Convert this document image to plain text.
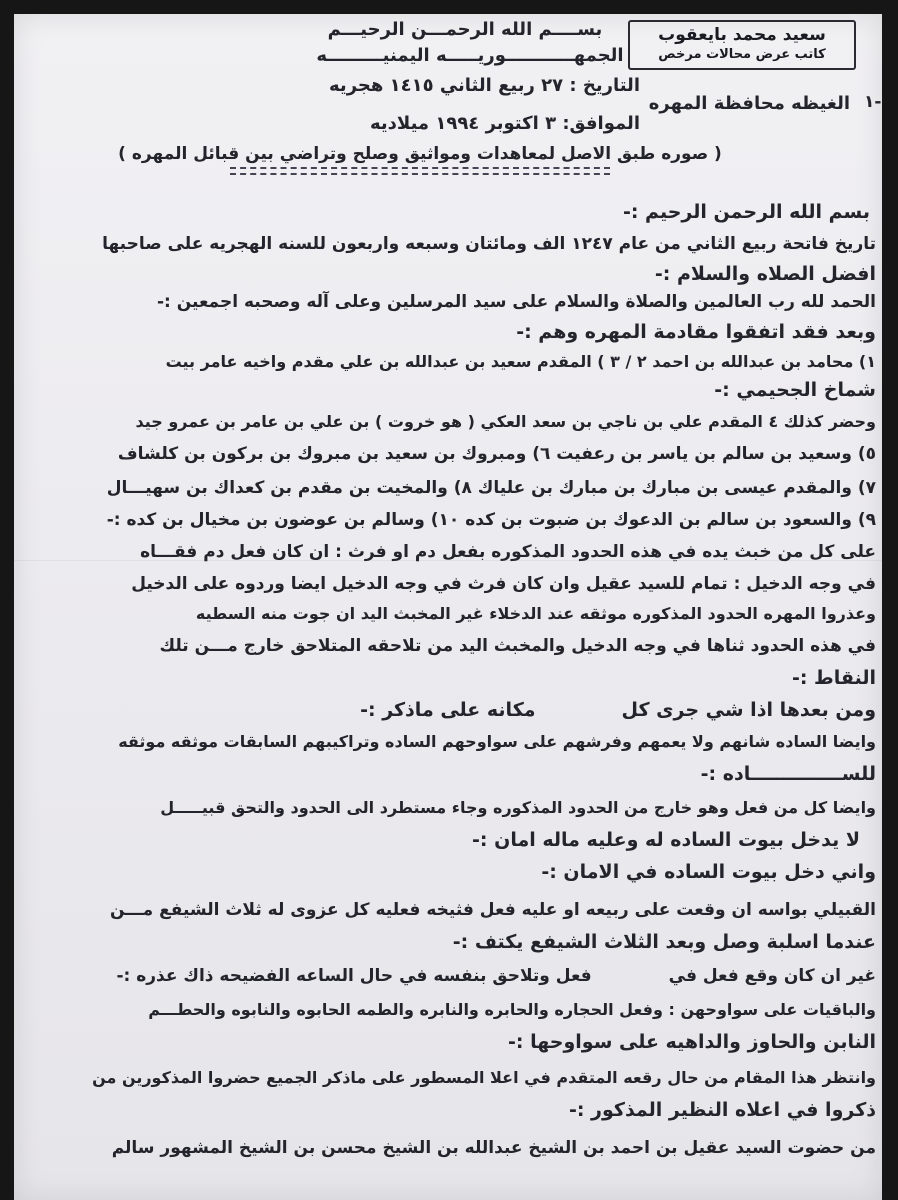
سعيد محمد بايعقوب
كاتب عرض محالات مرخص
١-
بســــم الله الرحمـــن الرحيـــم
الجمهـــــــــــوريـــــه اليمنيـــــــــه
التاريخ : ٢٧ ربيع الثاني ١٤١٥ هجريه
الغيظه محافظة المهره
الموافق: ٣ اكتوبر ١٩٩٤ ميلاديه
( صوره طبق الاصل لمعاهدات ومواثيق وصلح وتراضي بين قبائل المهره )
بسم الله الرحمن الرحيم :-
تاريخ فاتحة ربيع الثاني من عام ١٢٤٧ الف ومائتان وسبعه واربعون للسنه الهجريه على صاحبها
افضل الصلاه والسلام :-
الحمد لله رب العالمين والصلاة والسلام على سيد المرسلين وعلى آله وصحبه اجمعين :-
وبعد فقد اتفقوا مقادمة المهره وهم :-
١) محامد بن عبدالله بن احمد ٢ / ٣ ) المقدم سعيد بن عبدالله بن علي مقدم واخيه عامر بيت
شماخ الجحيمي :-
وحضر كذلك ٤ المقدم علي بن ناجي بن سعد العكي ( هو خروت ) بن علي بن عامر بن عمرو جيد
٥) وسعيد بن سالم بن ياسر بن رعفيت ٦) ومبروك بن سعيد بن مبروك بن بركون بن كلشاف
٧) والمقدم عيسى بن مبارك بن مبارك بن علياك ٨) والمخيت بن مقدم بن كعداك بن سهيـــال
٩) والسعود بن سالم بن الدعوك بن ضبوت بن كده ١٠) وسالم بن عوضون بن مخيال بن كده :-
على كل من خبث يده في هذه الحدود المذكوره بفعل دم او فرث : ان كان فعل دم فقـــاه
في وجه الدخيل : تمام للسيد عقيل وان كان فرث في وجه الدخيل ايضا وردوه على الدخيل
وعذروا المهره الحدود المذكوره موثقه عند الدخلاء غير المخبث اليد ان جوت منه السطيه
في هذه الحدود ثناها في وجه الدخيل والمخبث اليد من تلاحقه المتلاحق خارج مـــن تلك
النقاط :-
ومن بعدها اذا شي جرى كل             مكانه على ماذكر :-
وايضا الساده شانهم ولا يعمهم وفرشهم على سواوحهم الساده وتراكيبهم السابقات موثقه موثقه
للســــــــــــــاده :-
وايضا كل من فعل وهو خارج من الحدود المذكوره وجاء مستطرد الى الحدود والتحق قبيـــــل
لا يدخل بيوت الساده له وعليه ماله امان :-
واني دخل بيوت الساده في الامان :-
القبيلي بواسه ان وقعت على ربيعه او عليه فعل فثيخه فعليه كل عزوى له ثلاث الشيفع مـــن
عندما اسلبة وصل وبعد الثلاث الشيفع يكتف :-
غير ان كان وقع فعل في             فعل وتلاحق بنفسه في حال الساعه الفضيحه ذاك عذره :-
والباقيات على سواوحهن : وفعل الحجاره والحابره والنابره والطمه الحابوه والنابوه والحطـــم
النابن والحاوز والداهيه على سواوحها :-
وانتظر هذا المقام من حال رقعه المتقدم في اعلا المسطور على ماذكر الجميع حضروا المذكورين من
ذكروا في اعلاه النظير المذكور :-
من حضوت السيد عقيل بن احمد بن الشيخ عبدالله بن الشيخ محسن بن الشيخ المشهور سالم
